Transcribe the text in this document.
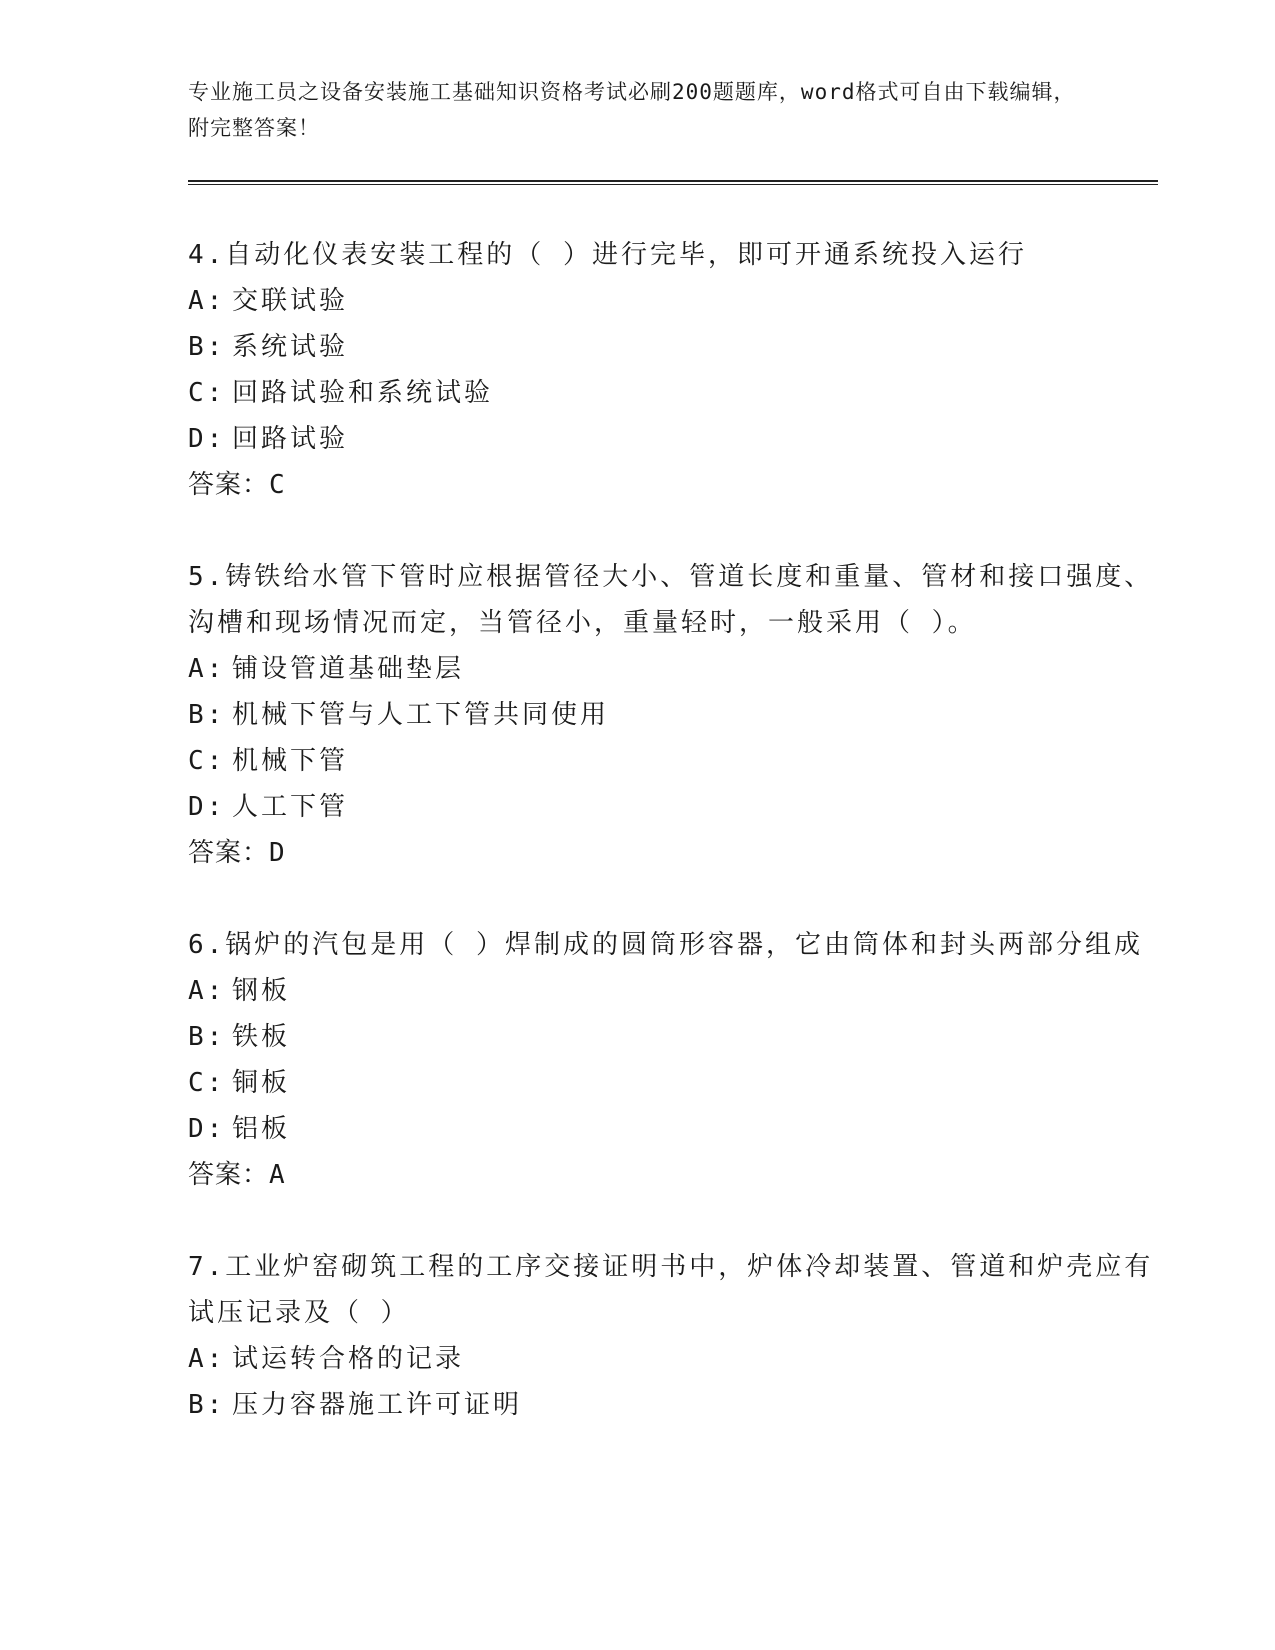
专业施工员之设备安装施工基础知识资格考试必刷200题题库，word格式可自由下载编辑，附完整答案！

4.自动化仪表安装工程的（ ）进行完毕，即可开通系统投入运行

A: 交联试验

B: 系统试验

C: 回路试验和系统试验

D: 回路试验

答案：C

5.铸铁给水管下管时应根据管径大小、管道长度和重量、管材和接口强度、沟槽和现场情况而定，当管径小，重量轻时，一般采用（ ）。

A: 铺设管道基础垫层

B: 机械下管与人工下管共同使用

C: 机械下管

D: 人工下管

答案：D

6.锅炉的汽包是用（ ）焊制成的圆筒形容器，它由筒体和封头两部分组成

A: 钢板

B: 铁板

C: 铜板

D: 铝板

答案：A

7.工业炉窑砌筑工程的工序交接证明书中，炉体冷却装置、管道和炉壳应有试压记录及（ ）

A: 试运转合格的记录

B: 压力容器施工许可证明
